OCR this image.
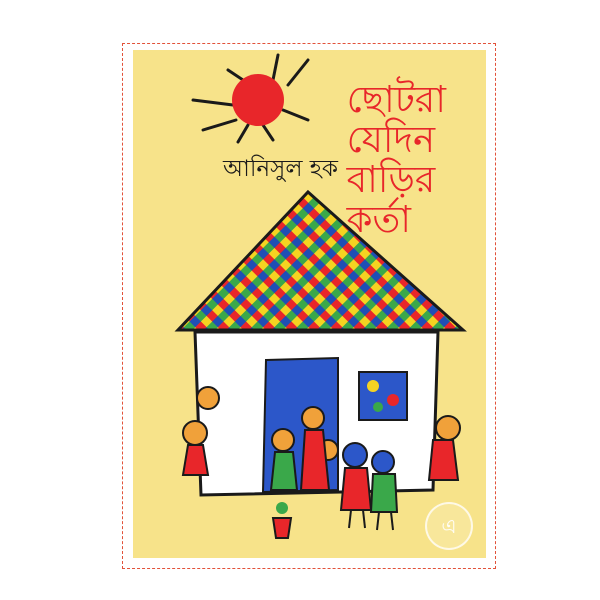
ছোটরা
যেদিন
বাড়ির
কর্তা
আনিসুল হক
এ
